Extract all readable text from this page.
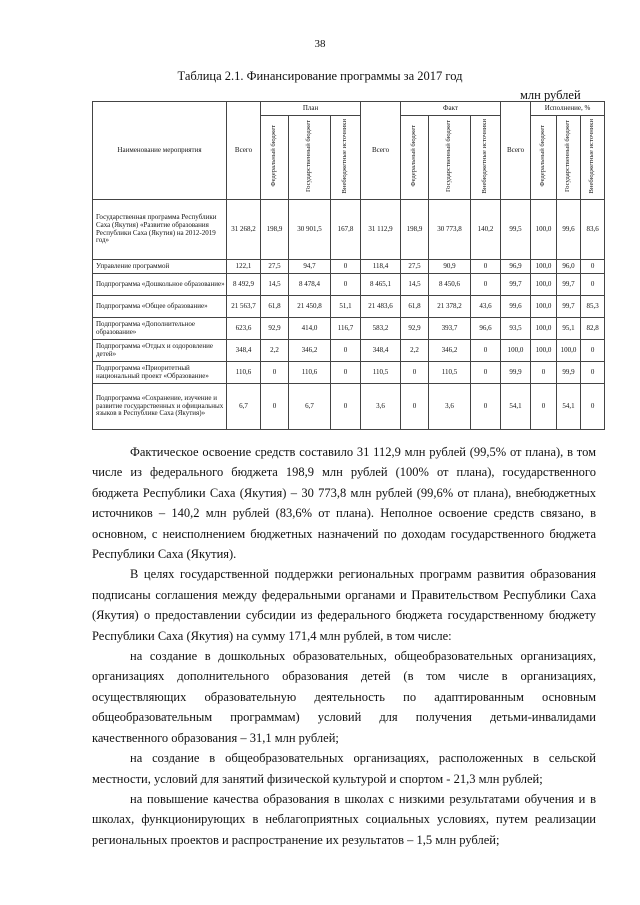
38
Таблица 2.1. Финансирование программы за 2017 год
млн рублей
Наименование мероприятия	Всего	План			Всего	Факт			Всего	Исполнение, %		
		Федеральный бюджет	Государственный бюджет	Внебюджетные источники		Федеральный бюджет	Государственный бюджет	Внебюджетные источники		Федеральный бюджет	Государственный бюджет	Внебюджетные источники
Государственная программа Республики Саха (Якутия) «Развитие образования Республики Саха (Якутия) на 2012-2019 год»	31 268,2	198,9	30 901,5	167,8	31 112,9	198,9	30 773,8	140,2	99,5	100,0	99,6	83,6
Управление программой	122,1	27,5	94,7	0	118,4	27,5	90,9	0	96,9	100,0	96,0	0
Подпрограмма «Дошкольное образование»	8 492,9	14,5	8 478,4	0	8 465,1	14,5	8 450,6	0	99,7	100,0	99,7	0
Подпрограмма «Общее образование»	21 563,7	61,8	21 450,8	51,1	21 483,6	61,8	21 378,2	43,6	99,6	100,0	99,7	85,3
Подпрограмма «Дополнительное образование»	623,6	92,9	414,0	116,7	583,2	92,9	393,7	96,6	93,5	100,0	95,1	82,8
Подпрограмма «Отдых и оздоровление детей»	348,4	2,2	346,2	0	348,4	2,2	346,2	0	100,0	100,0	100,0	0
Подпрограмма «Приоритетный национальный проект «Образование»	110,6	0	110,6	0	110,5	0	110,5	0	99,9	0	99,9	0
Подпрограмма «Сохранение, изучение и развитие государственных и официальных языков в Республике Саха (Якутия)»	6,7	0	6,7	0	3,6	0	3,6	0	54,1	0	54,1	0

Фактическое освоение средств составило 31 112,9 млн рублей (99,5% от плана), в том числе из федерального бюджета 198,9 млн рублей (100% от плана), государственного бюджета Республики Саха (Якутия) – 30 773,8 млн рублей (99,6% от плана), внебюджетных источников – 140,2 млн рублей (83,6% от плана). Неполное освоение средств связано, в основном, с неисполнением бюджетных назначений по доходам государственного бюджета Республики Саха (Якутия).

В целях государственной поддержки региональных программ развития образования подписаны соглашения между федеральными органами и Правительством Республики Саха (Якутия) о предоставлении субсидии из федерального бюджета государственному бюджету Республики Саха (Якутия) на сумму 171,4 млн рублей, в том числе:

на создание в дошкольных образовательных, общеобразовательных организациях, организациях дополнительного образования детей (в том числе в организациях, осуществляющих образовательную деятельность по адаптированным основным общеобразовательным программам) условий для получения детьми-инвалидами качественного образования – 31,1 млн рублей;

на создание в общеобразовательных организациях, расположенных в сельской местности, условий для занятий физической культурой и спортом - 21,3 млн рублей;

на повышение качества образования в школах с низкими результатами обучения и в школах, функционирующих в неблагоприятных социальных условиях, путем реализации региональных проектов и распространение их результатов – 1,5 млн рублей;
